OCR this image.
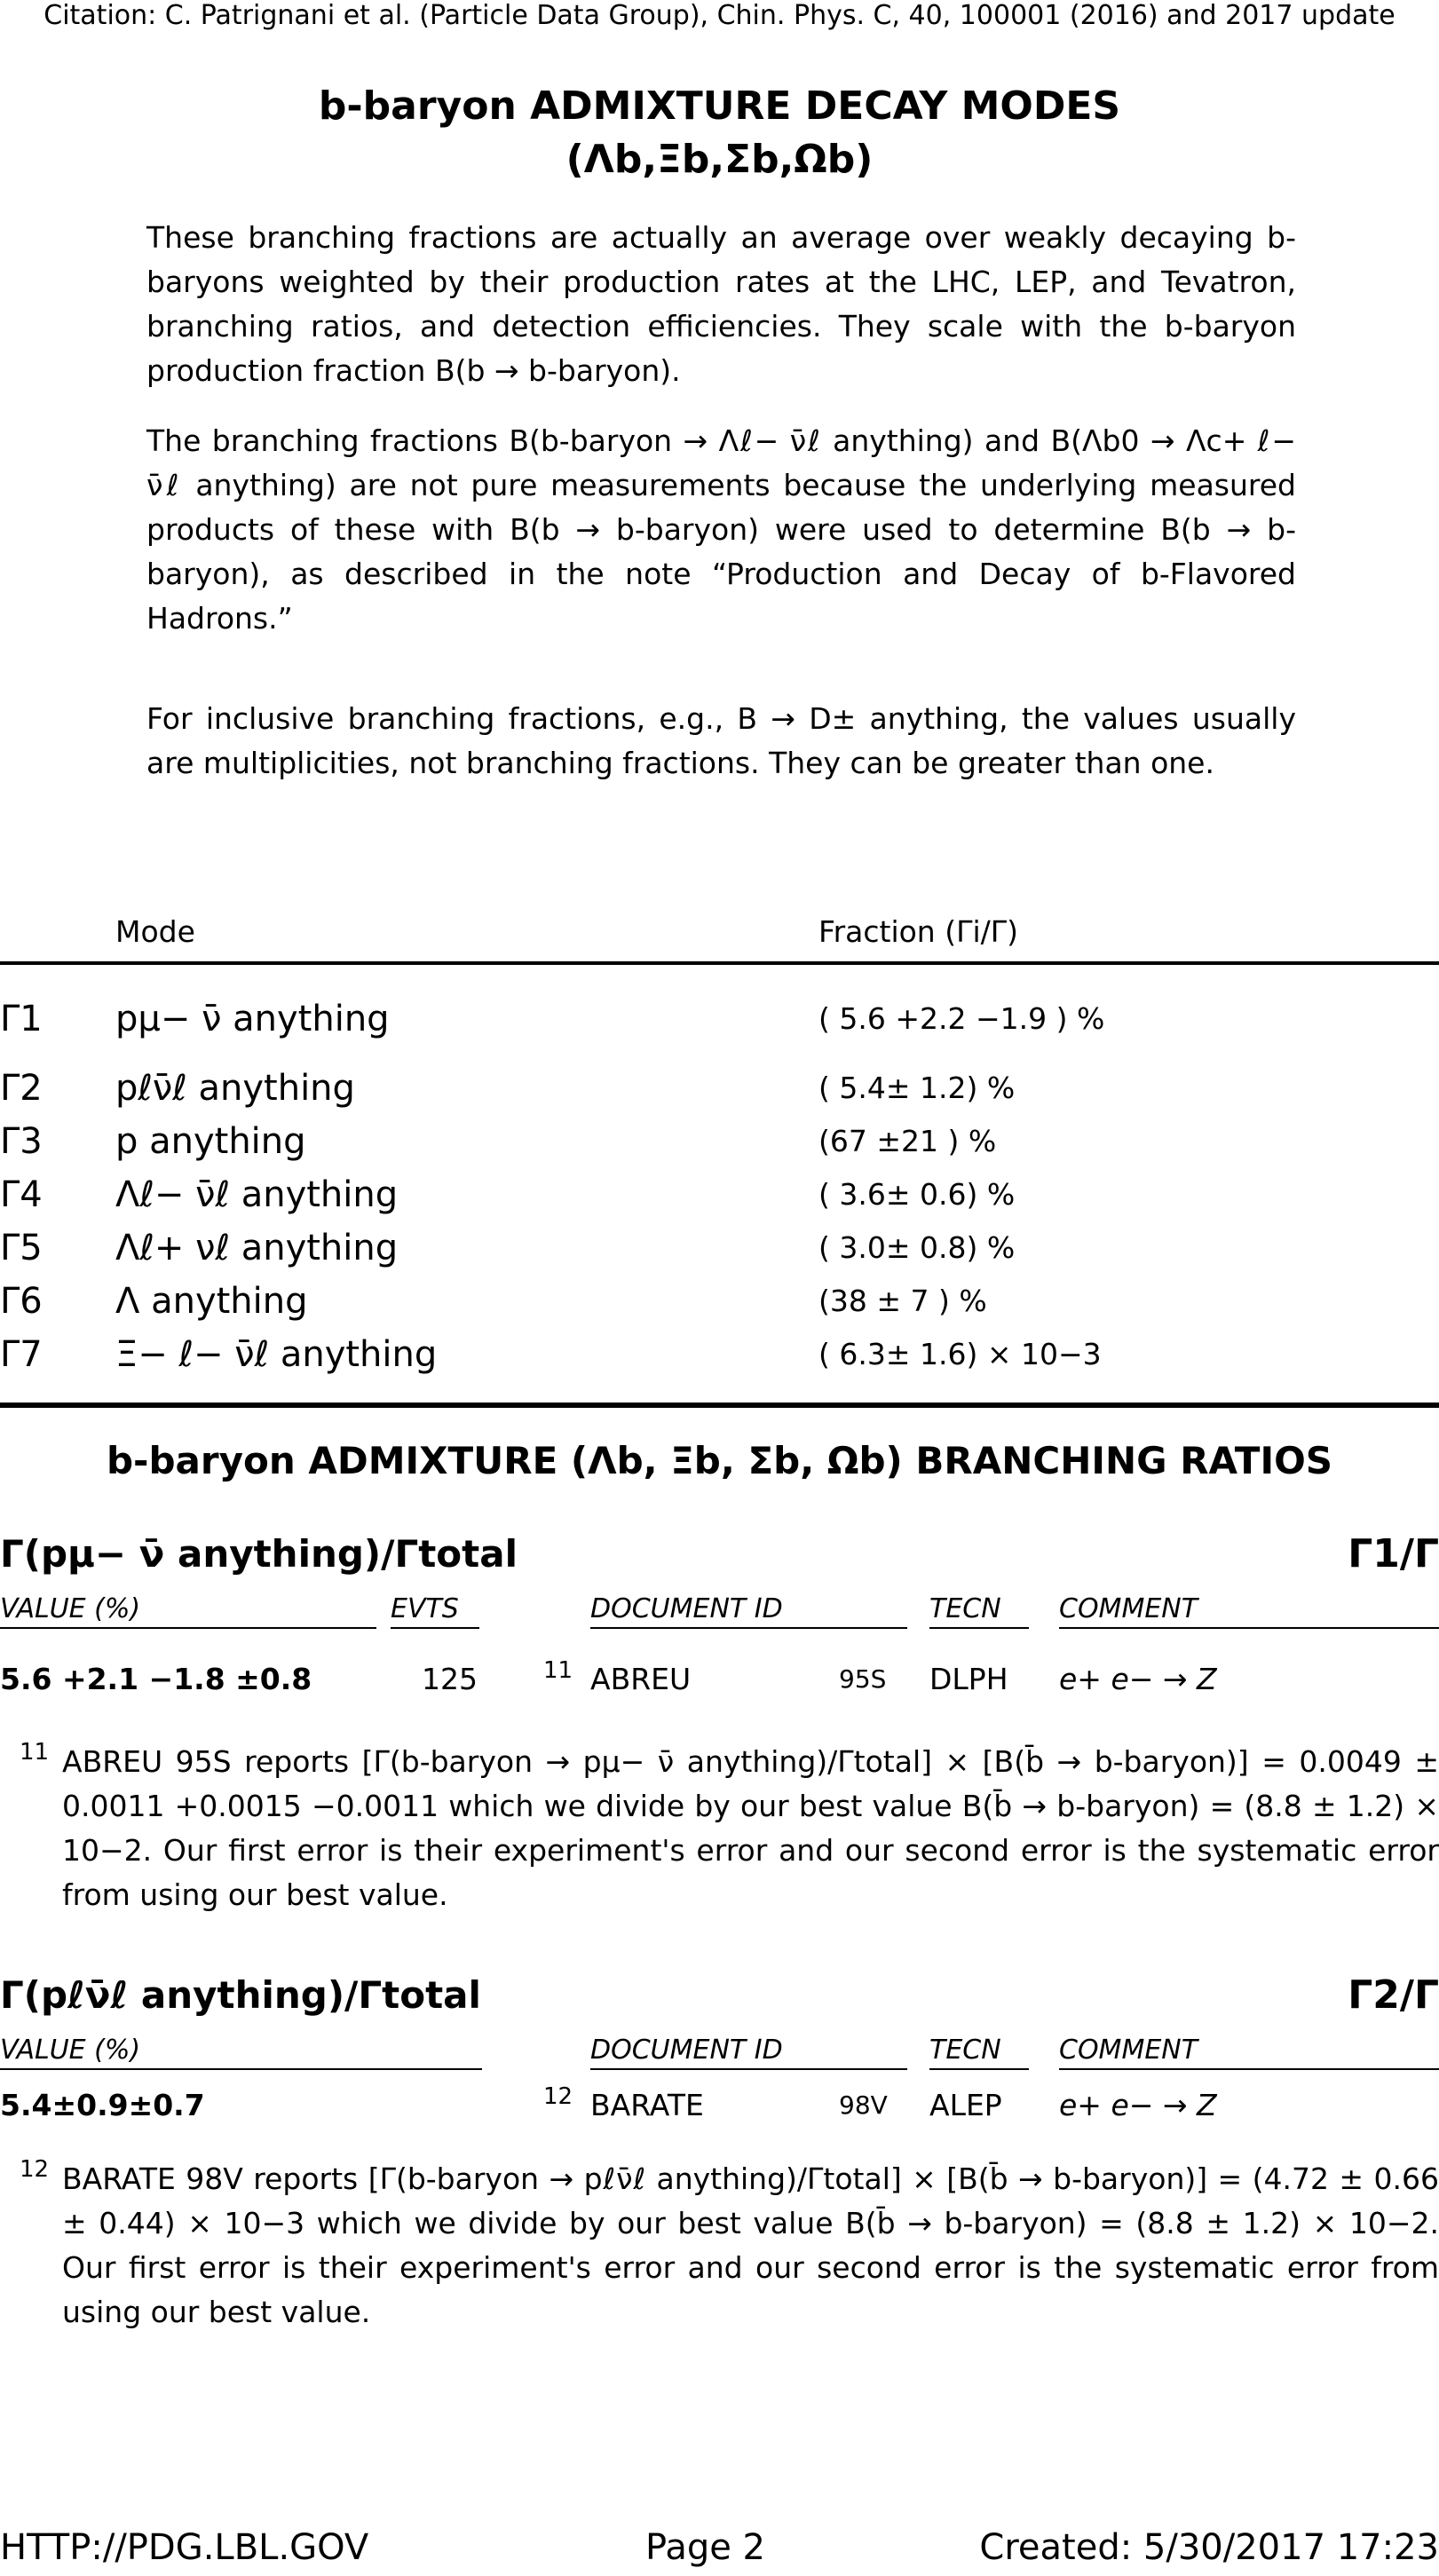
Citation: C. Patrignani et al. (Particle Data Group), Chin. Phys. C, 40, 100001 (2016) and 2017 update
b-baryon ADMIXTURE DECAY MODES
(Λb,Ξb,Σb,Ωb)
These branching fractions are actually an average over weakly decaying b-baryons weighted by their production rates at the LHC, LEP, and Tevatron, branching ratios, and detection efficiencies. They scale with the b-baryon production fraction B(b → b-baryon).
The branching fractions B(b-baryon → Λℓ− ν̄ℓ anything) and B(Λb0 → Λc+ ℓ− ν̄ℓ anything) are not pure measurements because the underlying measured products of these with B(b → b-baryon) were used to determine B(b → b-baryon), as described in the note “Production and Decay of b-Flavored Hadrons.”
For inclusive branching fractions, e.g., B → D± anything, the values usually are multiplicities, not branching fractions. They can be greater than one.
Mode	Fraction (Γi/Γ)
Γ1 pμ− ν̄ anything	( 5.6 +2.2 −1.9 ) %
Γ2 pℓν̄ℓ anything	( 5.4± 1.2) %
Γ3 p anything	(67 ±21 ) %
Γ4 Λℓ− ν̄ℓ anything	( 3.6± 0.6) %
Γ5 Λℓ+ νℓ anything	( 3.0± 0.8) %
Γ6 Λ anything	(38 ± 7 ) %
Γ7 Ξ− ℓ− ν̄ℓ anything	( 6.3± 1.6) × 10−3
b-baryon ADMIXTURE (Λb, Ξb, Σb, Ωb) BRANCHING RATIOS
Γ(pμ− ν̄ anything)/Γtotal	Γ1/Γ
VALUE (%)	EVTS	DOCUMENT ID	TECN COMMENT
5.6 +2.1 −1.8 ±0.8	125	11 ABREU	95S DLPH e+ e− → Z
11 ABREU 95S reports [Γ(b-baryon → pμ− ν̄ anything)/Γtotal] × [B(b̄ → b-baryon)] = 0.0049 ± 0.0011 +0.0015 −0.0011 which we divide by our best value B(b̄ → b-baryon) = (8.8 ± 1.2) × 10−2. Our first error is their experiment's error and our second error is the systematic error from using our best value.
Γ(pℓν̄ℓ anything)/Γtotal	Γ2/Γ
VALUE (%)	DOCUMENT ID	TECN COMMENT
5.4±0.9±0.7	12 BARATE	98V ALEP e+ e− → Z
12 BARATE 98V reports [Γ(b-baryon → pℓν̄ℓ anything)/Γtotal] × [B(b̄ → b-baryon)] = (4.72 ± 0.66 ± 0.44) × 10−3 which we divide by our best value B(b̄ → b-baryon) = (8.8 ± 1.2) × 10−2. Our first error is their experiment's error and our second error is the systematic error from using our best value.
HTTP://PDG.LBL.GOV	Page 2	Created: 5/30/2017 17:23
